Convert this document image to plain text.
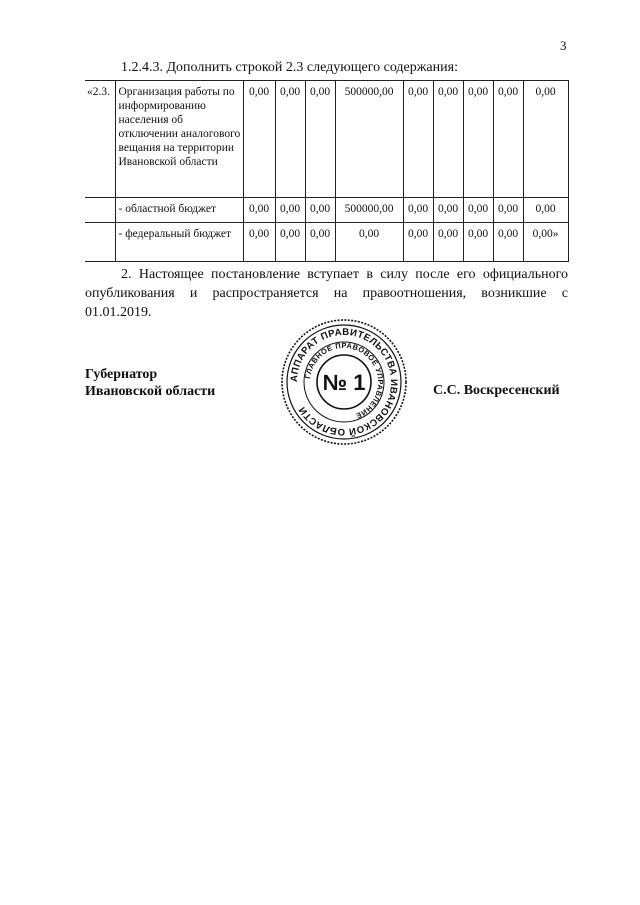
3
1.2.4.3. Дополнить строкой 2.3 следующего содержания:
«2.3.	Организация работы по информированию населения об отключении аналогового вещания на территории Ивановской области	0,00	0,00	0,00	500000,00	0,00	0,00	0,00	0,00	0,00
	- областной бюджет	0,00	0,00	0,00	500000,00	0,00	0,00	0,00	0,00	0,00
	- федеральный бюджет	0,00	0,00	0,00	0,00	0,00	0,00	0,00	0,00	0,00»
2. Настоящее постановление вступает в силу после его официального опубликования и распространяется на правоотношения, возникшие с 01.01.2019.
Губернатор
Ивановской области
АППАРАТ ПРАВИТЕЛЬСТВА ИВАНОВСКОЙ ОБЛАСТИ
ГЛАВНОЕ ПРАВОВОЕ УПРАВЛЕНИЕ
№ 1	С.С. Воскресенский
